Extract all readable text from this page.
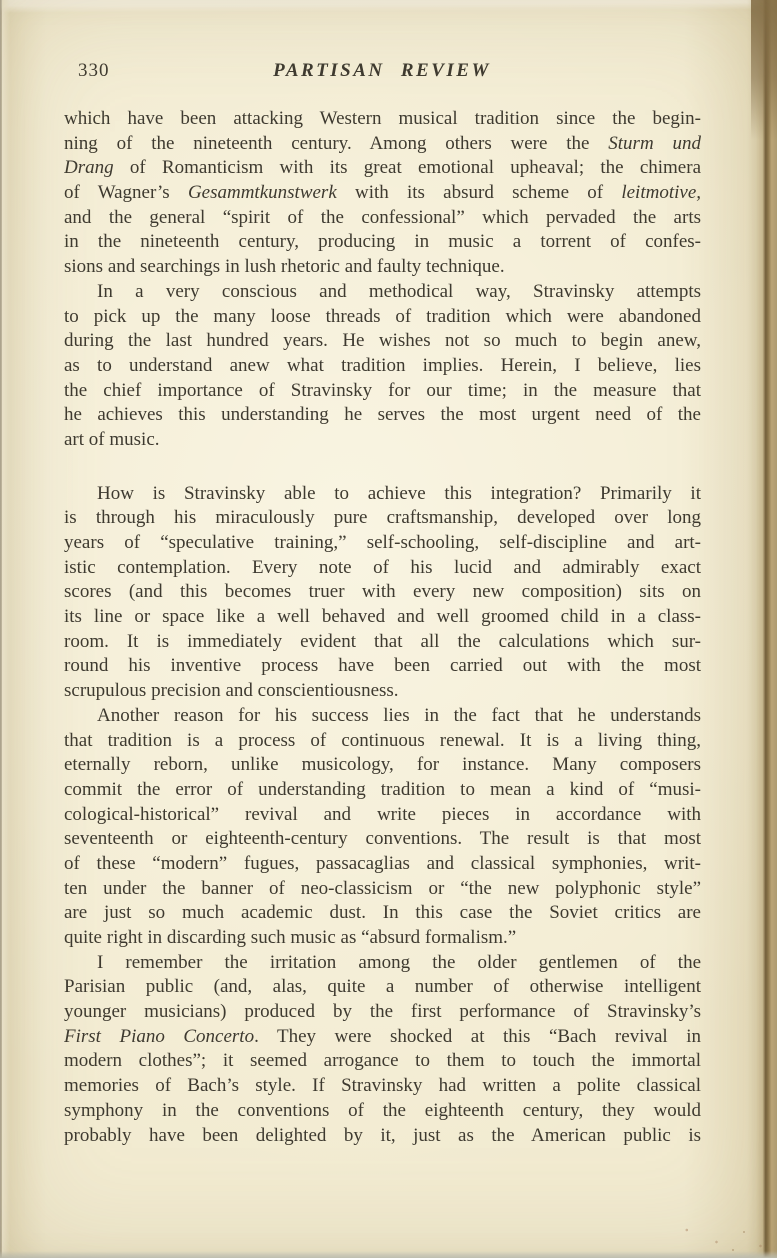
330	PARTISAN REVIEW
which have been attacking Western musical tradition since the begin-
ning of the nineteenth century. Among others were the Sturm und
Drang of Romanticism with its great emotional upheaval; the chimera
of Wagner’s Gesammtkunstwerk with its absurd scheme of leitmotive,
and the general “spirit of the confessional” which pervaded the arts
in the nineteenth century, producing in music a torrent of confes-
sions and searchings in lush rhetoric and faulty technique.
In a very conscious and methodical way, Stravinsky attempts
to pick up the many loose threads of tradition which were abandoned
during the last hundred years. He wishes not so much to begin anew,
as to understand anew what tradition implies. Herein, I believe, lies
the chief importance of Stravinsky for our time; in the measure that
he achieves this understanding he serves the most urgent need of the
art of music.
How is Stravinsky able to achieve this integration? Primarily it
is through his miraculously pure craftsmanship, developed over long
years of “speculative training,” self-schooling, self-discipline and art-
istic contemplation. Every note of his lucid and admirably exact
scores (and this becomes truer with every new composition) sits on
its line or space like a well behaved and well groomed child in a class-
room. It is immediately evident that all the calculations which sur-
round his inventive process have been carried out with the most
scrupulous precision and conscientiousness.
Another reason for his success lies in the fact that he understands
that tradition is a process of continuous renewal. It is a living thing,
eternally reborn, unlike musicology, for instance. Many composers
commit the error of understanding tradition to mean a kind of “musi-
cological-historical” revival and write pieces in accordance with
seventeenth or eighteenth-century conventions. The result is that most
of these “modern” fugues, passacaglias and classical symphonies, writ-
ten under the banner of neo-classicism or “the new polyphonic style”
are just so much academic dust. In this case the Soviet critics are
quite right in discarding such music as “absurd formalism.”
I remember the irritation among the older gentlemen of the
Parisian public (and, alas, quite a number of otherwise intelligent
younger musicians) produced by the first performance of Stravinsky’s
First Piano Concerto. They were shocked at this “Bach revival in
modern clothes”; it seemed arrogance to them to touch the immortal
memories of Bach’s style. If Stravinsky had written a polite classical
symphony in the conventions of the eighteenth century, they would
probably have been delighted by it, just as the American public is
